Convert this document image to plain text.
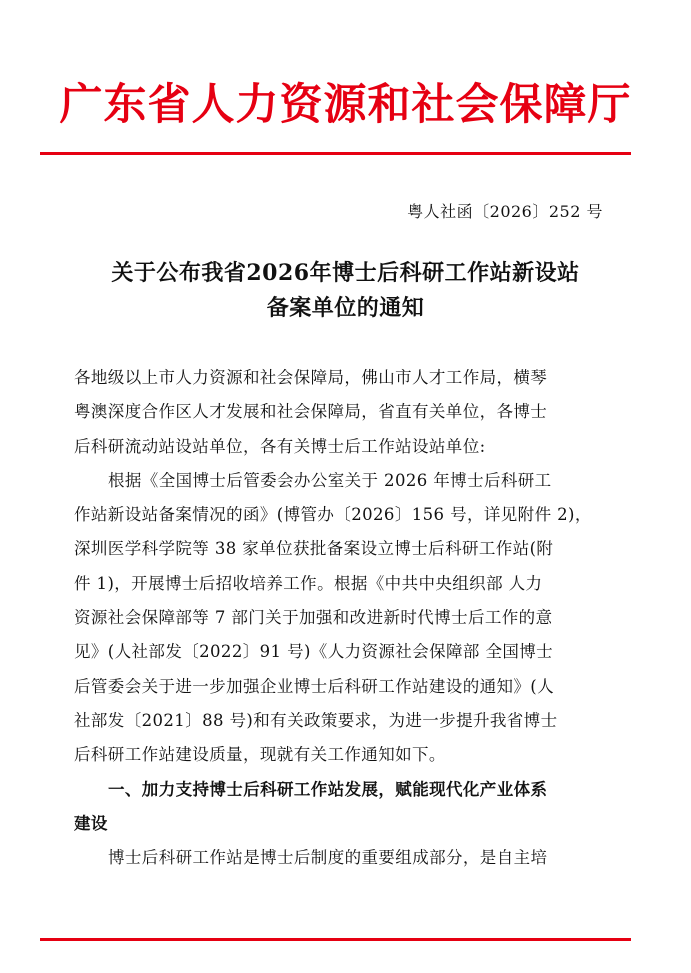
广东省人力资源和社会保障厅
粤人社函〔2026〕252 号
关于公布我省2026年博士后科研工作站新设站
备案单位的通知
各地级以上市人力资源和社会保障局，佛山市人才工作局，横琴
粤澳深度合作区人才发展和社会保障局，省直有关单位，各博士
后科研流动站设站单位，各有关博士后工作站设站单位:
根据《全国博士后管委会办公室关于 2026 年博士后科研工
作站新设站备案情况的函》(博管办〔2026〕156 号，详见附件 2)，
深圳医学科学院等 38 家单位获批备案设立博士后科研工作站(附
件 1)，开展博士后招收培养工作。根据《中共中央组织部 人力
资源社会保障部等 7 部门关于加强和改进新时代博士后工作的意
见》(人社部发〔2022〕91 号)《人力资源社会保障部 全国博士
后管委会关于进一步加强企业博士后科研工作站建设的通知》(人
社部发〔2021〕88 号)和有关政策要求，为进一步提升我省博士
后科研工作站建设质量，现就有关工作通知如下。
一、加力支持博士后科研工作站发展，赋能现代化产业体系
建设
博士后科研工作站是博士后制度的重要组成部分，是自主培
